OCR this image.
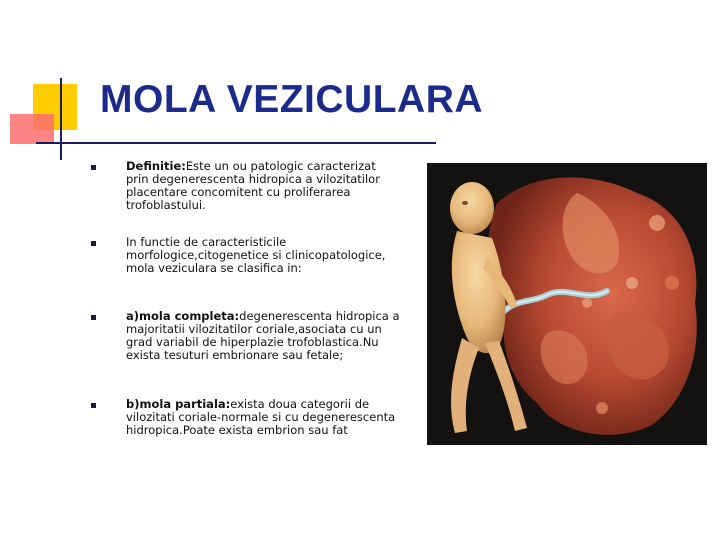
MOLA VEZICULARA
Definitie:Este un ou patologic caracterizat prin degenerescenta hidropica a vilozitatilor placentare concomitent cu proliferarea trofoblastului.
In functie de caracteristicile morfologice,citogenetice si clinicopatologice, mola veziculara se clasifica in:
a)mola completa:degenerescenta hidropica a majoritatii vilozitatilor coriale,asociata cu un grad variabil de hiperplazie trofoblastica.Nu exista tesuturi embrionare sau fetale;
b)mola partiala:exista doua categorii de vilozitati coriale-normale si cu degenerescenta hidropica.Poate exista embrion sau fat
